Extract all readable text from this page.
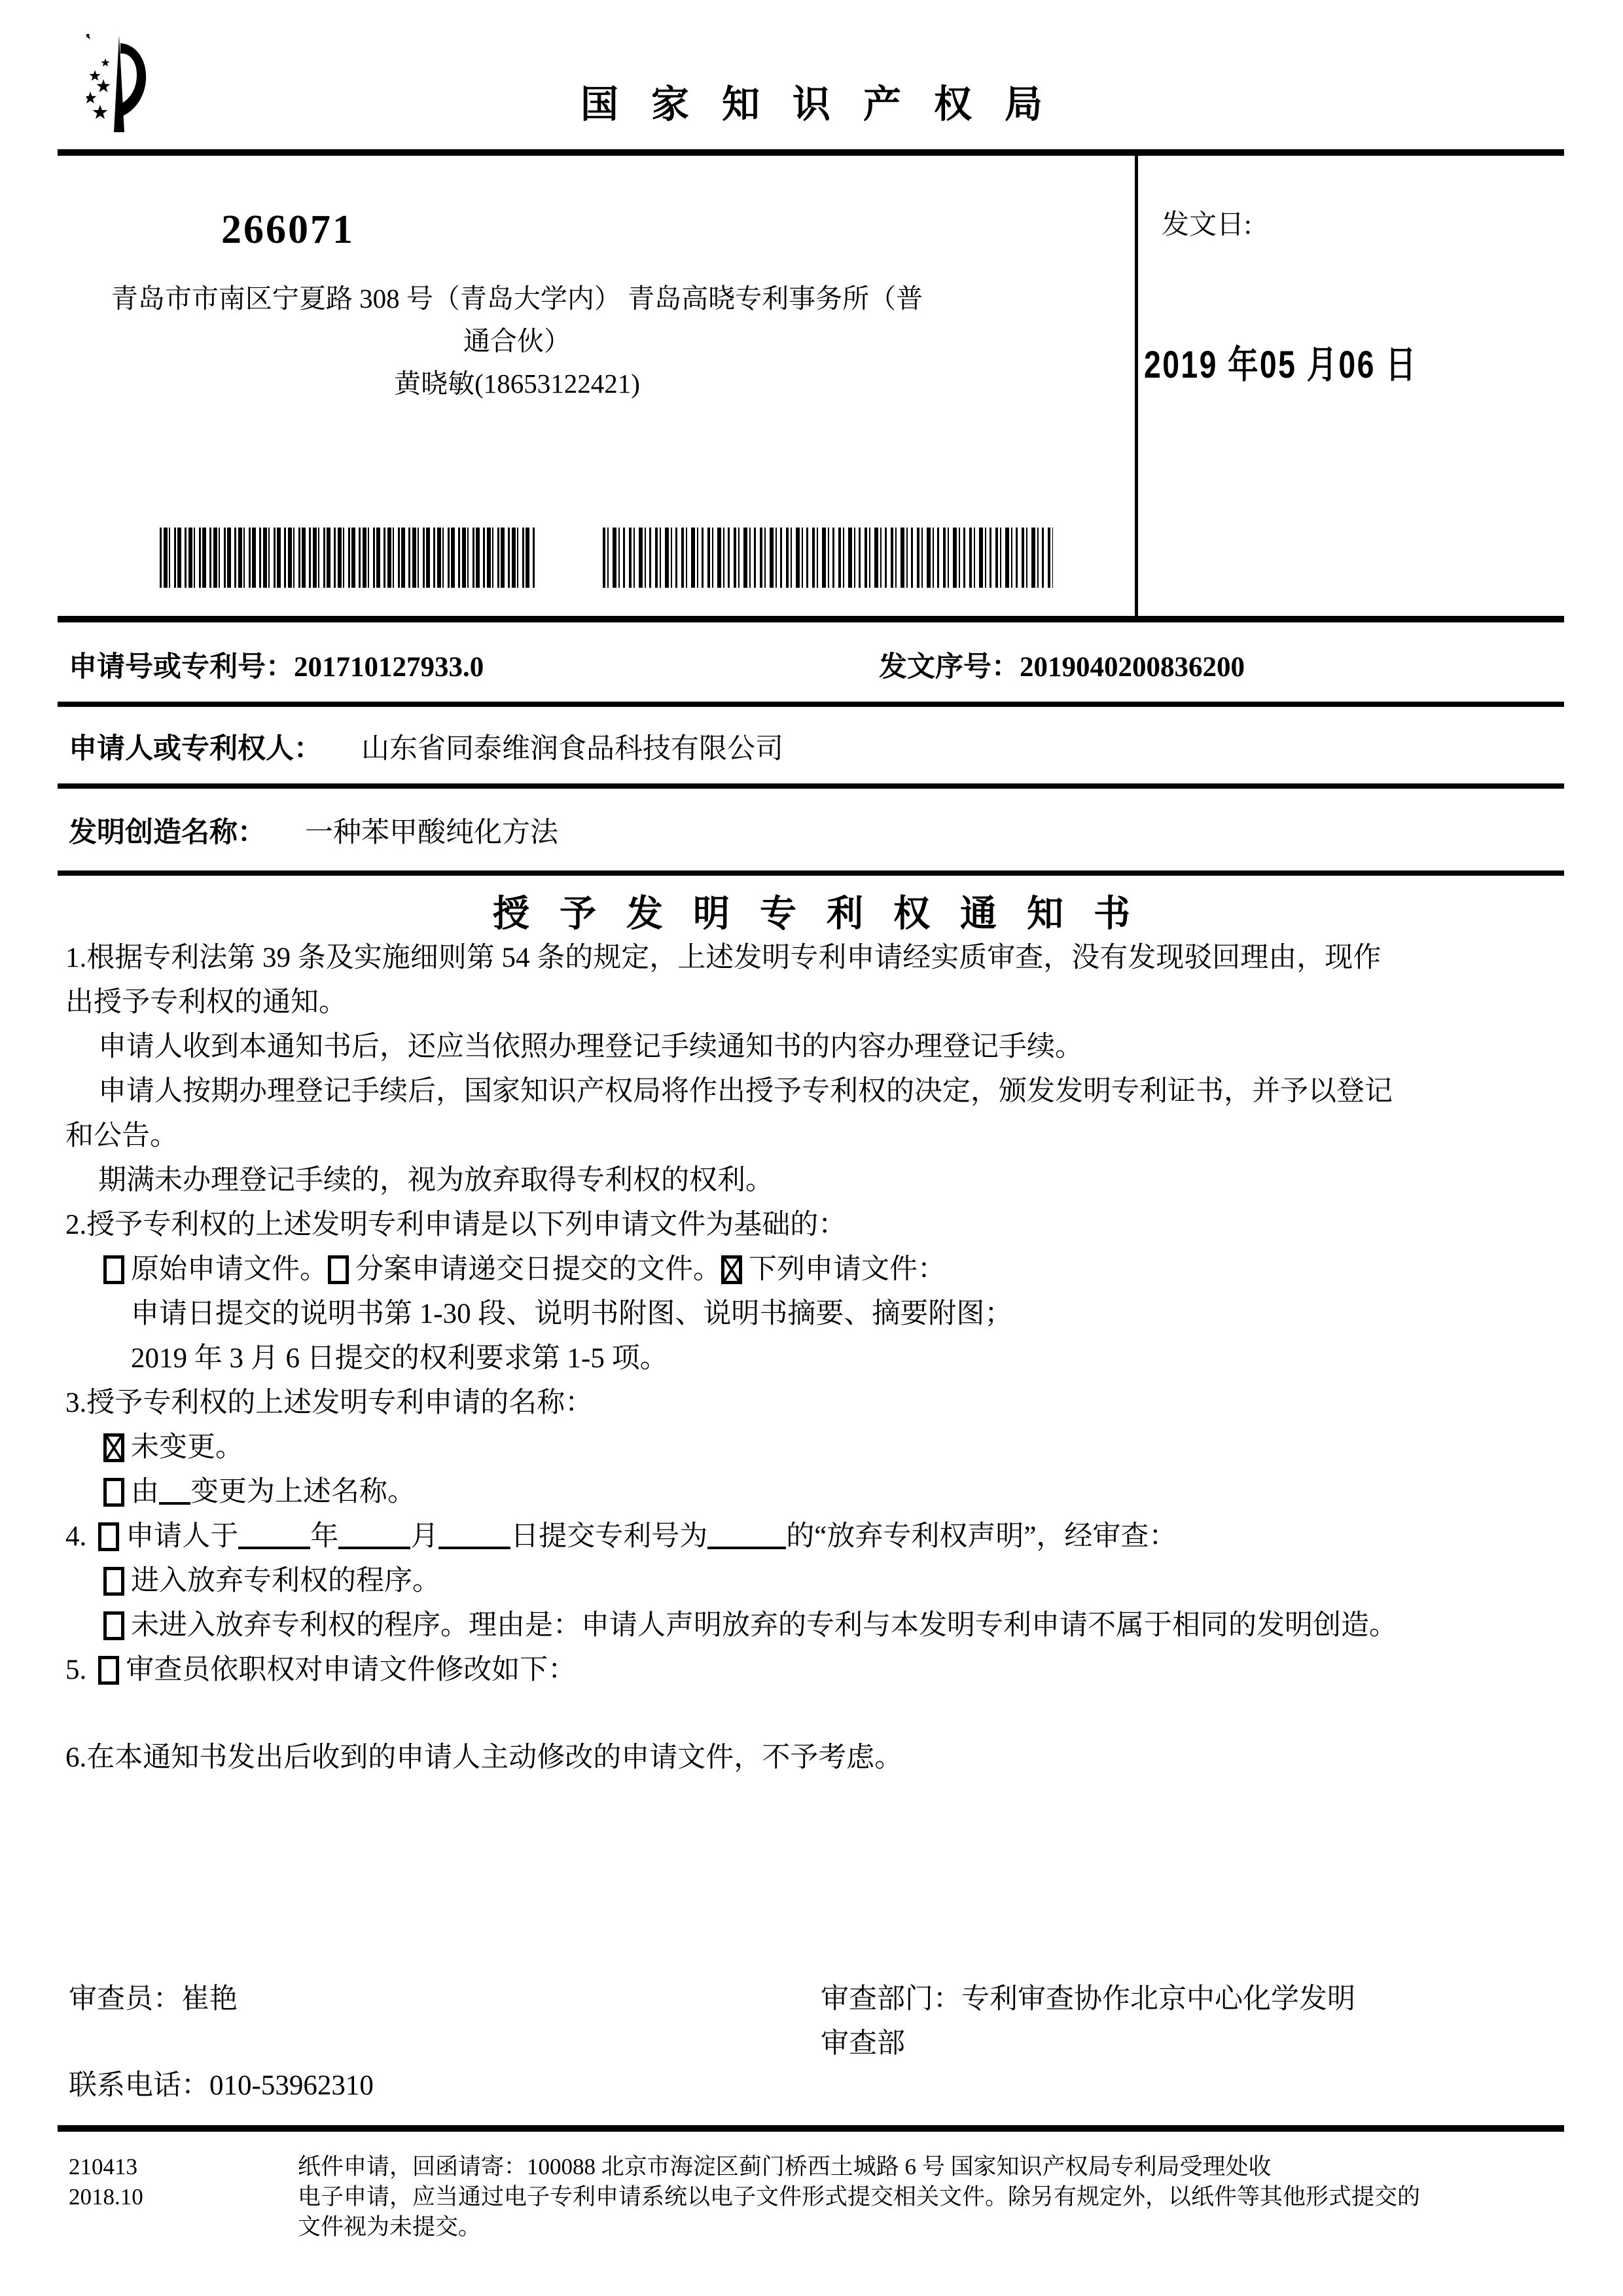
国家知识产权局
266071
青岛市市南区宁夏路 308 号（青岛大学内） 青岛高晓专利事务所（普
通合伙）
黄晓敏(18653122421)
发文日:
2019 年05 月06 日
申请号或专利号：201710127933.0	发文序号：2019040200836200
申请人或专利权人： 山东省同泰维润食品科技有限公司
发明创造名称： 一种苯甲酸纯化方法
授予发明专利权通知书
1.根据专利法第 39 条及实施细则第 54 条的规定，上述发明专利申请经实质审查，没有发现驳回理由，现作
出授予专利权的通知。
申请人收到本通知书后，还应当依照办理登记手续通知书的内容办理登记手续。
申请人按期办理登记手续后，国家知识产权局将作出授予专利权的决定，颁发发明专利证书，并予以登记
和公告。
期满未办理登记手续的，视为放弃取得专利权的权利。
2.授予专利权的上述发明专利申请是以下列申请文件为基础的：
原始申请文件。 分案申请递交日提交的文件。 下列申请文件：
申请日提交的说明书第 1-30 段、说明书附图、说明书摘要、摘要附图；
2019 年 3 月 6 日提交的权利要求第 1-5 项。
3.授予专利权的上述发明专利申请的名称：
未变更。
由 变更为上述名称。
4. 申请人于	年	月	日提交专利号为	的“放弃专利权声明”，经审查：
进入放弃专利权的程序。
未进入放弃专利权的程序。理由是：申请人声明放弃的专利与本发明专利申请不属于相同的发明创造。
5. 审查员依职权对申请文件修改如下：
6.在本通知书发出后收到的申请人主动修改的申请文件，不予考虑。
审查员：崔艳	审查部门：专利审查协作北京中心化学发明
审查部
联系电话：010-53962310
210413
2018.10
纸件申请，回函请寄：100088 北京市海淀区蓟门桥西土城路 6 号 国家知识产权局专利局受理处收
电子申请，应当通过电子专利申请系统以电子文件形式提交相关文件。除另有规定外，以纸件等其他形式提交的
文件视为未提交。
